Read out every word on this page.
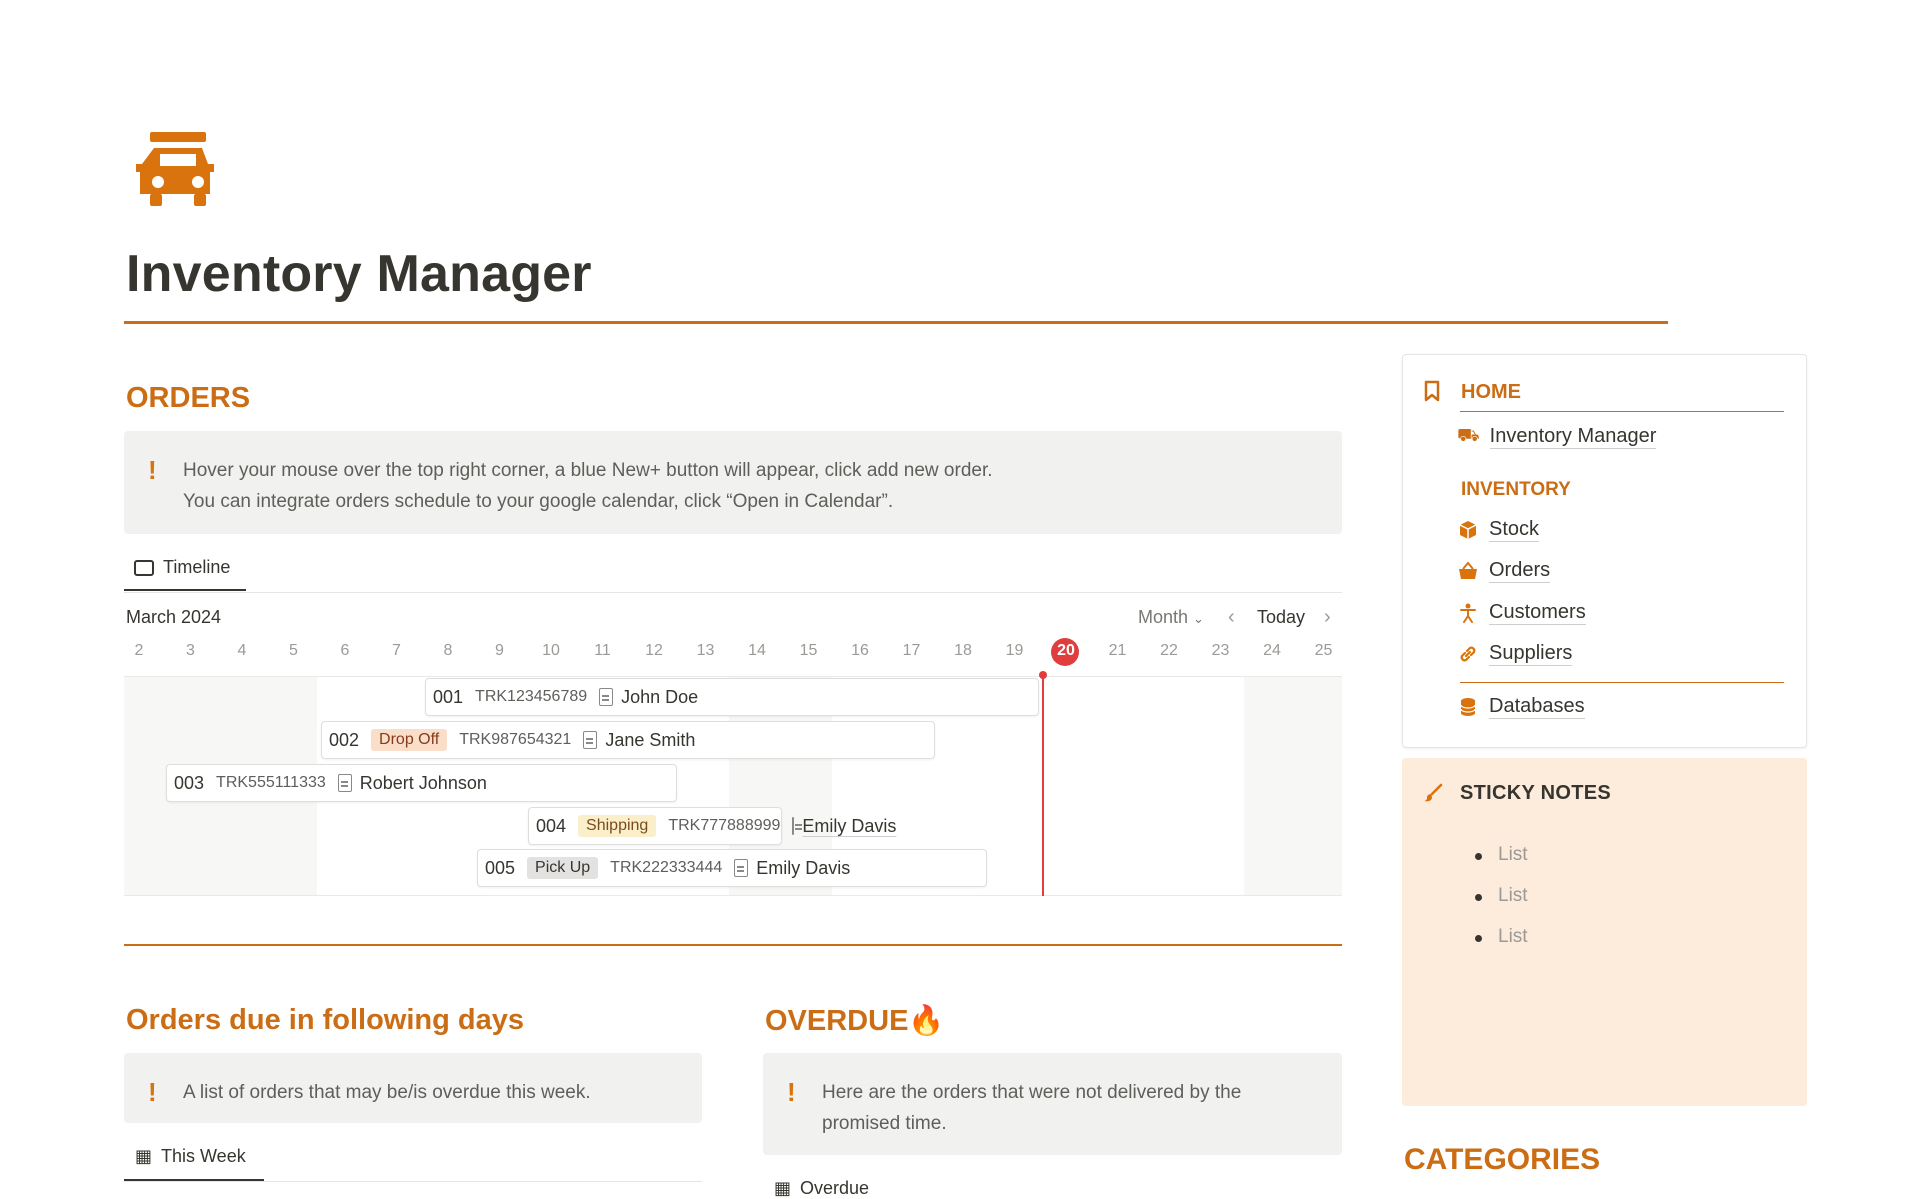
Inventory Manager
ORDERS
! Hover your mouse over the top right corner, a blue New+ button will appear, click add new order.
You can integrate orders schedule to your google calendar, click “Open in Calendar”.
Timeline
March 2024	Month ⌄ ‹ Today ›
2	3	4	5	6	7	8	9	10	11	12	13	14	15	16	17	18	19	20	21	22	23	24	25
001 TRK123456789 John Doe
002	Drop Off	TRK987654321 Jane Smith
003 TRK555111333 Robert Johnson
004	Shipping	TRK777888999 Emily Davis
005	Pick Up	TRK222333444 Emily Davis
Orders due in following days
! A list of orders that may be/is overdue this week.
▦ This Week
OVERDUE🔥
! Here are the orders that were not delivered by the
promised time.
▦ Overdue
HOME
⛟ Inventory Manager
INVENTORY
Stock
Orders
Customers
Suppliers
Databases
STICKY NOTES
List
List
List
CATEGORIES
